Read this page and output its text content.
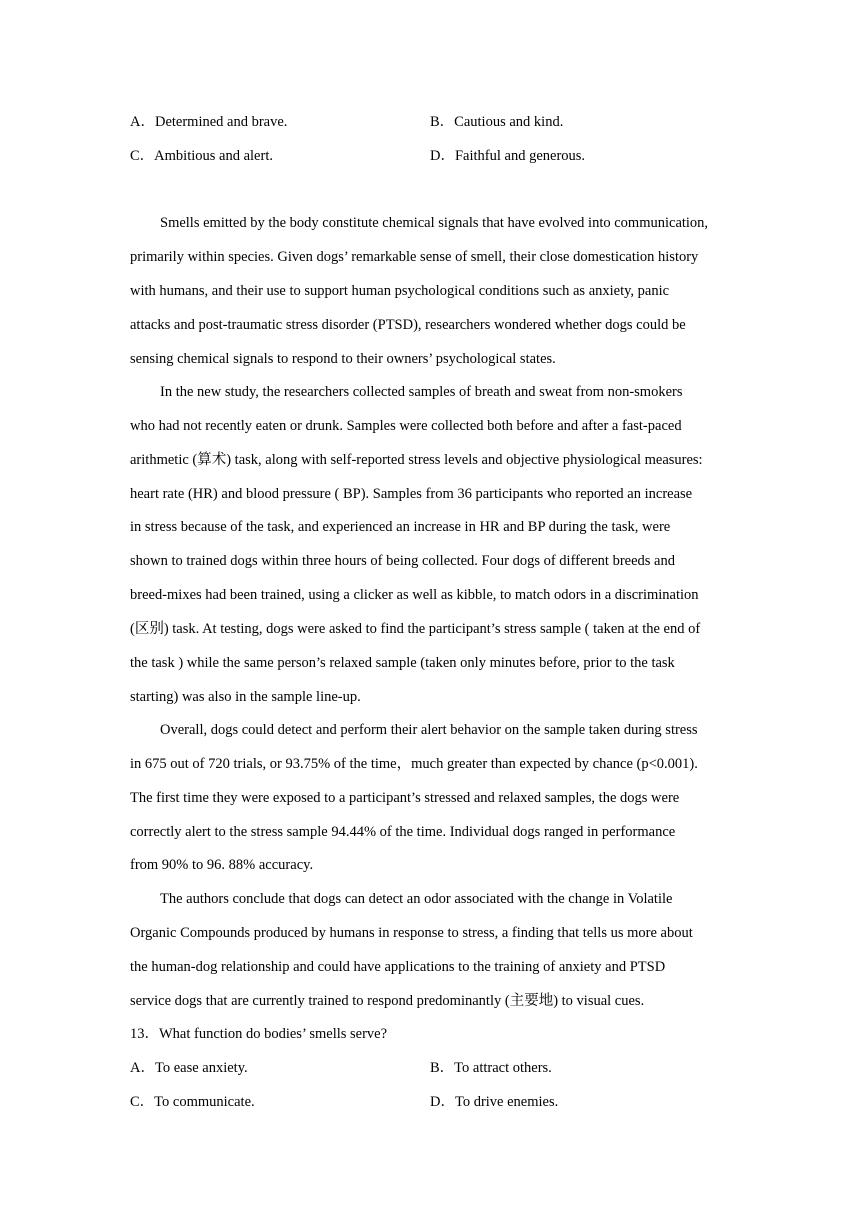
A．Determined and brave.	B．Cautious and kind.
C．Ambitious and alert.	D．Faithful and generous.
Smells emitted by the body constitute chemical signals that have evolved into communication,
primarily within species. Given dogs’ remarkable sense of smell, their close domestication history
with humans, and their use to support human psychological conditions such as anxiety, panic
attacks and post-traumatic stress disorder (PTSD), researchers wondered whether dogs could be
sensing chemical signals to respond to their owners’ psychological states.
In the new study, the researchers collected samples of breath and sweat from non-smokers
who had not recently eaten or drunk. Samples were collected both before and after a fast-paced
arithmetic (算术) task, along with self-reported stress levels and objective physiological measures:
heart rate (HR) and blood pressure ( BP). Samples from 36 participants who reported an increase
in stress because of the task, and experienced an increase in HR and BP during the task, were
shown to trained dogs within three hours of being collected. Four dogs of different breeds and
breed-mixes had been trained, using a clicker as well as kibble, to match odors in a discrimination
(区别) task. At testing, dogs were asked to find the participant’s stress sample ( taken at the end of
the task ) while the same person’s relaxed sample (taken only minutes before, prior to the task
starting) was also in the sample line-up.
Overall, dogs could detect and perform their alert behavior on the sample taken during stress
in 675 out of 720 trials, or 93.75% of the time，much greater than expected by chance (p<0.001).
The first time they were exposed to a participant’s stressed and relaxed samples, the dogs were
correctly alert to the stress sample 94.44% of the time. Individual dogs ranged in performance
from 90% to 96. 88% accuracy.
The authors conclude that dogs can detect an odor associated with the change in Volatile
Organic Compounds produced by humans in response to stress, a finding that tells us more about
the human-dog relationship and could have applications to the training of anxiety and PTSD
service dogs that are currently trained to respond predominantly (主要地) to visual cues.
13．What function do bodies’ smells serve?
A．To ease anxiety.	B．To attract others.
C．To communicate.	D．To drive enemies.
